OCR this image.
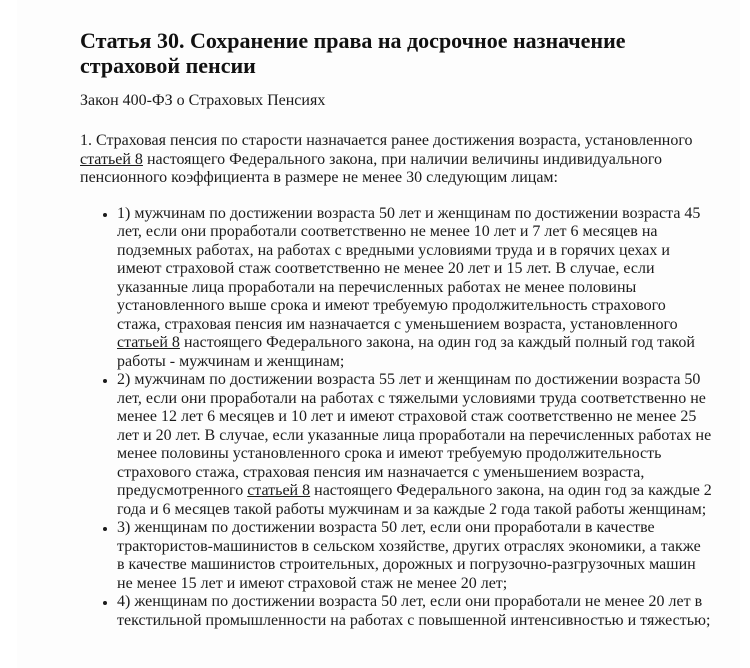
Статья 30. Сохранение права на досрочное назначение страховой пенсии

Закон 400-ФЗ о Страховых Пенсиях

1. Страховая пенсия по старости назначается ранее достижения возраста, установленного статьей 8 настоящего Федерального закона, при наличии величины индивидуального пенсионного коэффициента в размере не менее 30 следующим лицам:

• 1) мужчинам по достижении возраста 50 лет и женщинам по достижении возраста 45 лет, если они проработали соответственно не менее 10 лет и 7 лет 6 месяцев на подземных работах, на работах с вредными условиями труда и в горячих цехах и имеют страховой стаж соответственно не менее 20 лет и 15 лет. В случае, если указанные лица проработали на перечисленных работах не менее половины установленного выше срока и имеют требуемую продолжительность страхового стажа, страховая пенсия им назначается с уменьшением возраста, установленного статьей 8 настоящего Федерального закона, на один год за каждый полный год такой работы - мужчинам и женщинам;
• 2) мужчинам по достижении возраста 55 лет и женщинам по достижении возраста 50 лет, если они проработали на работах с тяжелыми условиями труда соответственно не менее 12 лет 6 месяцев и 10 лет и имеют страховой стаж соответственно не менее 25 лет и 20 лет. В случае, если указанные лица проработали на перечисленных работах не менее половины установленного срока и имеют требуемую продолжительность страхового стажа, страховая пенсия им назначается с уменьшением возраста, предусмотренного статьей 8 настоящего Федерального закона, на один год за каждые 2 года и 6 месяцев такой работы мужчинам и за каждые 2 года такой работы женщинам;
• 3) женщинам по достижении возраста 50 лет, если они проработали в качестве трактористов-машинистов в сельском хозяйстве, других отраслях экономики, а также в качестве машинистов строительных, дорожных и погрузочно-разгрузочных машин не менее 15 лет и имеют страховой стаж не менее 20 лет;
• 4) женщинам по достижении возраста 50 лет, если они проработали не менее 20 лет в текстильной промышленности на работах с повышенной интенсивностью и тяжестью;
